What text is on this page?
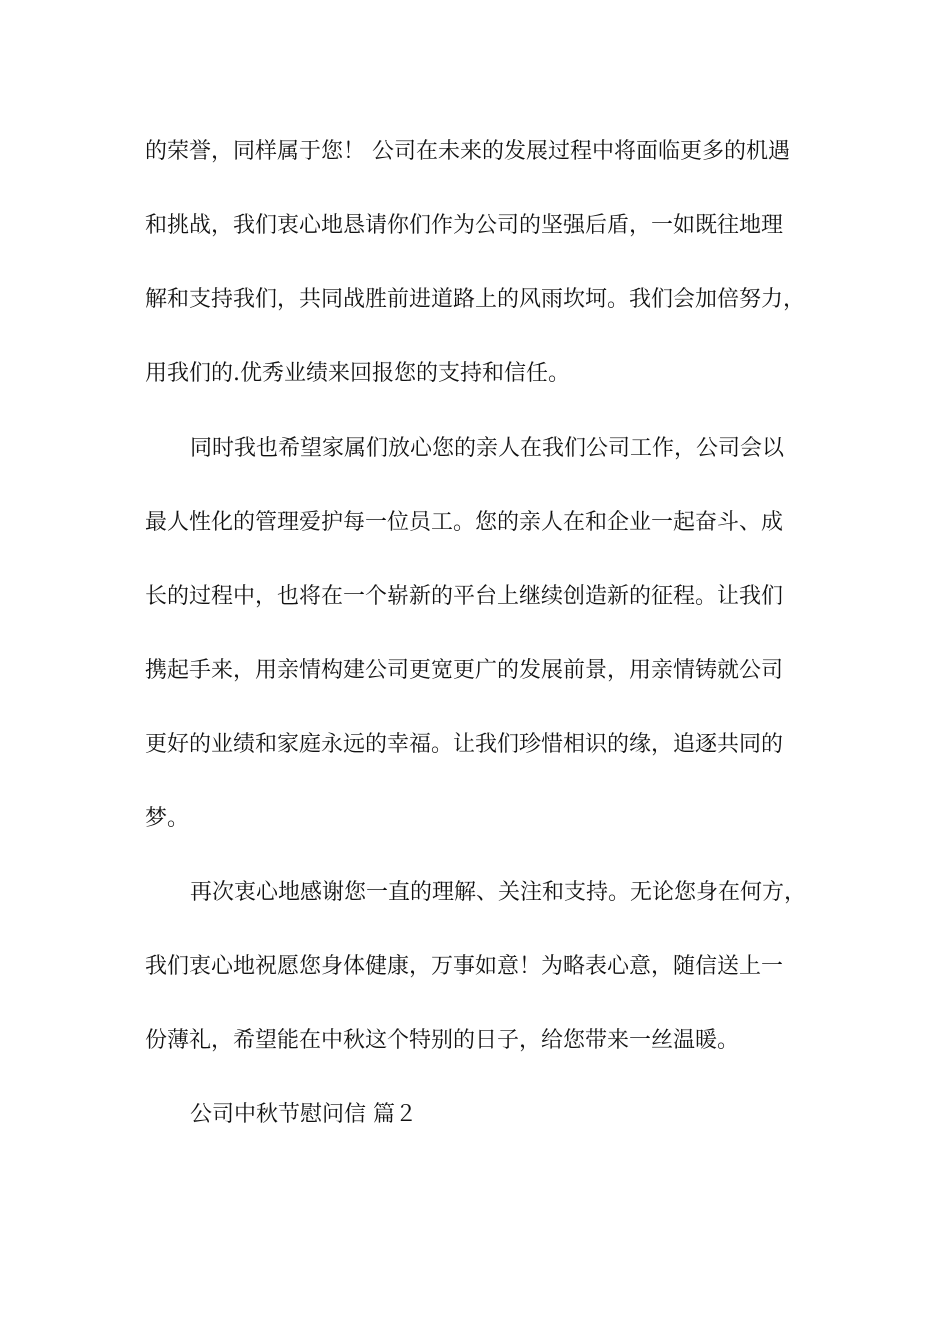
的荣誉，同样属于您！ 公司在未来的发展过程中将面临更多的机遇

和挑战，我们衷心地恳请你们作为公司的坚强后盾，一如既往地理

解和支持我们，共同战胜前进道路上的风雨坎坷。我们会加倍努力，

用我们的.优秀业绩来回报您的支持和信任。

同时我也希望家属们放心您的亲人在我们公司工作，公司会以

最人性化的管理爱护每一位员工。您的亲人在和企业一起奋斗、成

长的过程中，也将在一个崭新的平台上继续创造新的征程。让我们

携起手来，用亲情构建公司更宽更广的发展前景，用亲情铸就公司

更好的业绩和家庭永远的幸福。让我们珍惜相识的缘，追逐共同的

梦。

再次衷心地感谢您一直的理解、关注和支持。无论您身在何方，

我们衷心地祝愿您身体健康，万事如意！为略表心意，随信送上一

份薄礼，希望能在中秋这个特别的日子，给您带来一丝温暖。

公司中秋节慰问信 篇２
